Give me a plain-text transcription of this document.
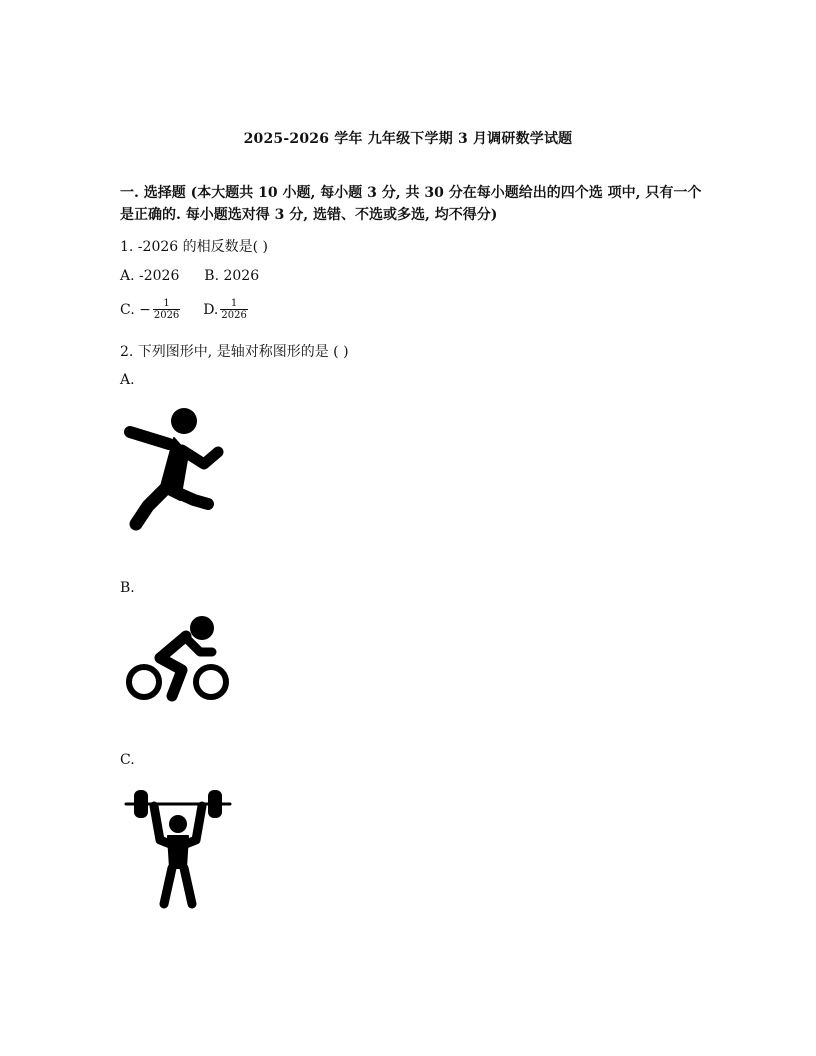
2025-2026 学年 九年级下学期 3 月调研数学试题
一. 选择题 (本大题共 10 小题, 每小题 3 分, 共 30 分在每小题给出的四个选 项中, 只有一个是正确的. 每小题选对得 3 分, 选错、不选或多选, 均不得分)
1. -2026 的相反数是( )
A. -2026 B. 2026
C. − $\frac{1}{2026} D$. $\frac{1}{2026}$
2. 下列图形中, 是轴对称图形的是 ( )
A.
B.
C.
